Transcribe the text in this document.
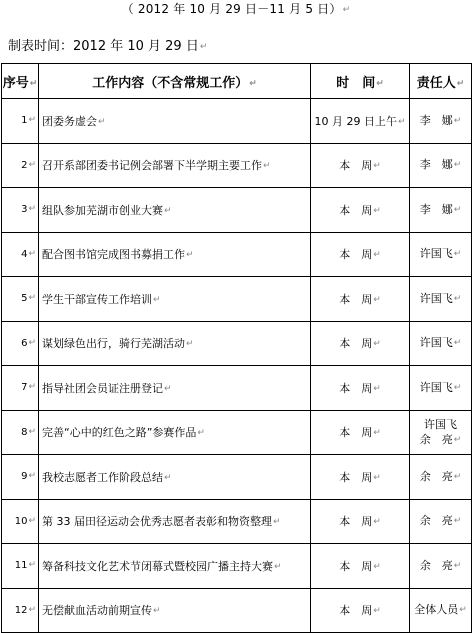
（ 2012 年 10 月 29 日－11 月 5 日）↵
制表时间：2012 年 10 月 29 日↵
序号↵	工作内容（不含常规工作）↵	时　间↵	责任人↵
1↵	团委务虚会↵	10 月 29 日上午↵	李　娜↵

2↵	召开系部团委书记例会部署下半学期主要工作↵	本　周↵	李　娜↵

3↵	组队参加芜湖市创业大赛↵	本　周↵	李　娜↵

4↵	配合图书馆完成图书募捐工作↵	本　周↵	许国飞↵

5↵	学生干部宣传工作培训↵	本　周↵	许国飞↵

6↵	谋划绿色出行，骑行芜湖活动↵	本　周↵	许国飞↵

7↵	指导社团会员证注册登记↵	本　周↵	许国飞↵

8↵	完善“心中的红色之路”参赛作品↵	本　周↵	许国飞
余　亮↵

9↵	我校志愿者工作阶段总结↵	本　周↵	余　亮↵

10↵	第 33 届田径运动会优秀志愿者表彰和物资整理↵	本　周↵	余　亮↵

11↵	筹备科技文化艺术节闭幕式暨校园广播主持大赛↵	本　周↵	余　亮↵

12↵	无偿献血活动前期宣传↵	本　周↵	全体人员↵
